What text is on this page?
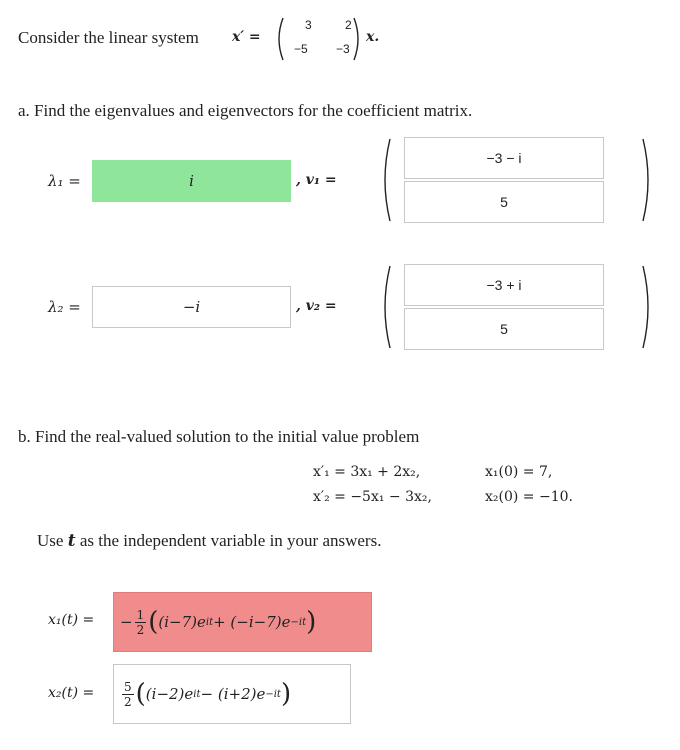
Consider the linear system x′ =
3	2
−5 −3
x.
a. Find the eigenvalues and eigenvectors for the coefficient matrix.
λ₁ =	i	, v₁ =
−3 − i
5
λ₂ =	−i	, v₂ =
−3 + i
5
b. Find the real-valued solution to the initial value problem
x′₁ = 3x₁ + 2x₂,
x′₂ = −5x₁ − 3x₂,
x₁(0) = 7,
x₂(0) = −10.
Use t as the independent variable in your answers.
x₁(t) = − $\frac{1}{2}$ ( (i−7)e it + (−i−7)e −it )
$x_2(t) = \frac{5}{2}$ ( (i−2)e it − (i+2)e −it )
